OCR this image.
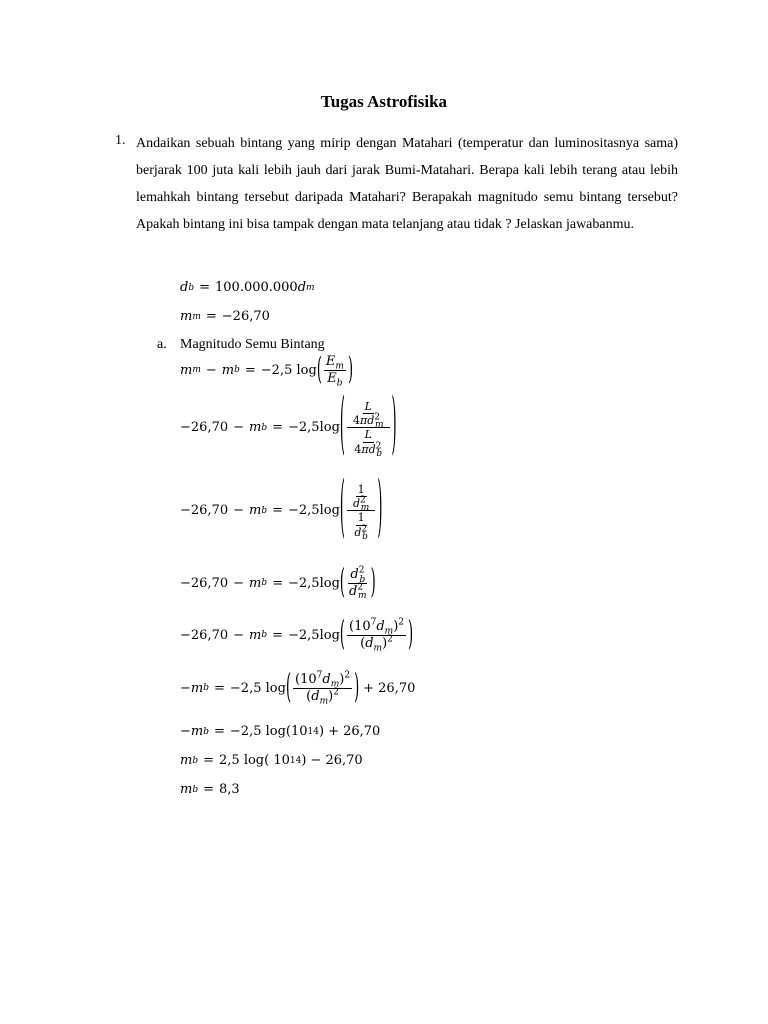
Tugas Astrofisika
1. Andaikan sebuah bintang yang mirip dengan Matahari (temperatur dan luminositasnya sama) berjarak 100 juta kali lebih jauh dari jarak Bumi-Matahari. Berapa kali lebih terang atau lebih lemahkah bintang tersebut daripada Matahari? Berapakah magnitudo semu bintang tersebut? Apakah bintang ini bisa tampak dengan mata telanjang atau tidak ? Jelaskan jawabanmu.
d b = 100.000.000 d m
m m = −26,70
a. Magnitudo Semu Bintang
m m − m b = −2,5 log ( $\frac{E_m}{E_b}$ )
−26,70 − m b = −2,5 log ( $\frac{\frac{L}{4\pi d^2_m}}{\frac{L}{4\pi d^2_b}}$ )
−26,70 − m b = −2,5 log ( $\frac{\frac{1}{d^2_m}}{\frac{1}{d^2_b}}$ )
−26,70 − m b = −2,5 log ( $\frac{d^2_b}{d^2_m}$ )
−26,70 − m b = −2,5 log ( $\frac{(10^7d_m)^2}{(d_m)^2}$ )
− m b = −2,5 log ( $\frac{(10^7d_m)^2}{(d_m)^2}$ ) + 26,70
− m b = −2,5 log( 10 14 ) + 26,70
m b = 2,5 log( 10 14 ) − 26,70
m b = 8,3
